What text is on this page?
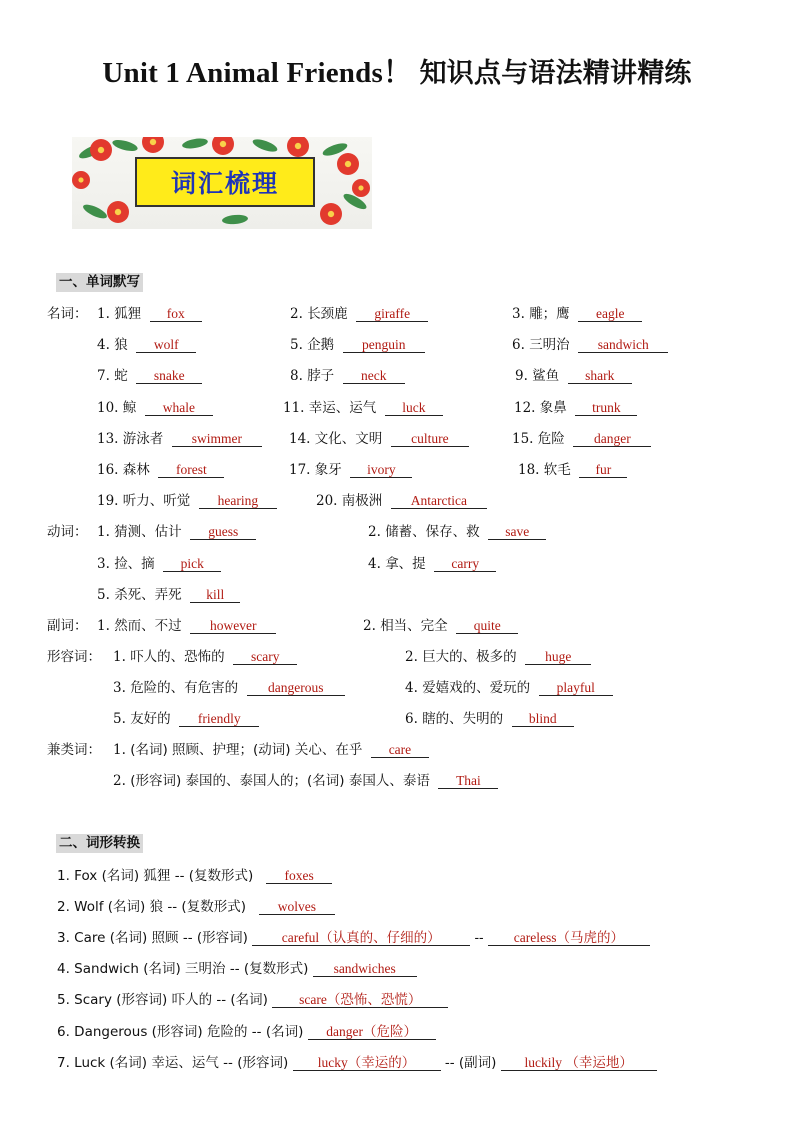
Unit 1 Animal Friends！ 知识点与语法精讲精练
词汇梳理
一、单词默写
名词： 1. 狐狸 fox	2. 长颈鹿 giraffe	3. 雕；鹰 eagle
4. 狼 wolf	5. 企鹅 penguin	6. 三明治 sandwich
7. 蛇 snake	8. 脖子 neck	9. 鲨鱼 shark
10. 鲸 whale	11. 幸运、运气 luck	12. 象鼻 trunk
13. 游泳者 swimmer	14. 文化、文明 culture	15. 危险 danger
16. 森林 forest	17. 象牙 ivory	18. 软毛 fur
19. 听力、听觉 hearing	20. 南极洲 Antarctica
动词： 1. 猜测、估计 guess	2. 储蓄、保存、救 save
3. 捡、摘 pick	4. 拿、提 carry
5. 杀死、弄死 kill
副词： 1. 然而、不过 however	2. 相当、完全 quite
形容词： 1. 吓人的、恐怖的 scary	2. 巨大的、极多的 huge
3. 危险的、有危害的 dangerous	4. 爱嬉戏的、爱玩的 playful
5. 友好的 friendly	6. 瞎的、失明的 blind
兼类词： 1. (名词) 照顾、护理；(动词) 关心、在乎 care
2. (形容词) 泰国的、泰国人的；(名词) 泰国人、泰语 Thai
二、词形转换
1. Fox (名词) 狐狸 -- (复数形式) foxes
2. Wolf (名词) 狼 -- (复数形式) wolves
3. Care (名词) 照顾 -- (形容词)	careful（认真的、仔细的）	-- careless（马虎的）
4. Sandwich (名词) 三明治 -- (复数形式) sandwiches
5. Scary (形容词) 吓人的 -- (名词) scare（恐怖、恐慌）
6. Dangerous (形容词) 危险的 -- (名词) danger（危险）
7. Luck (名词) 幸运、运气 -- (形容词) lucky（幸运的） -- (副词) luckily （幸运地）
